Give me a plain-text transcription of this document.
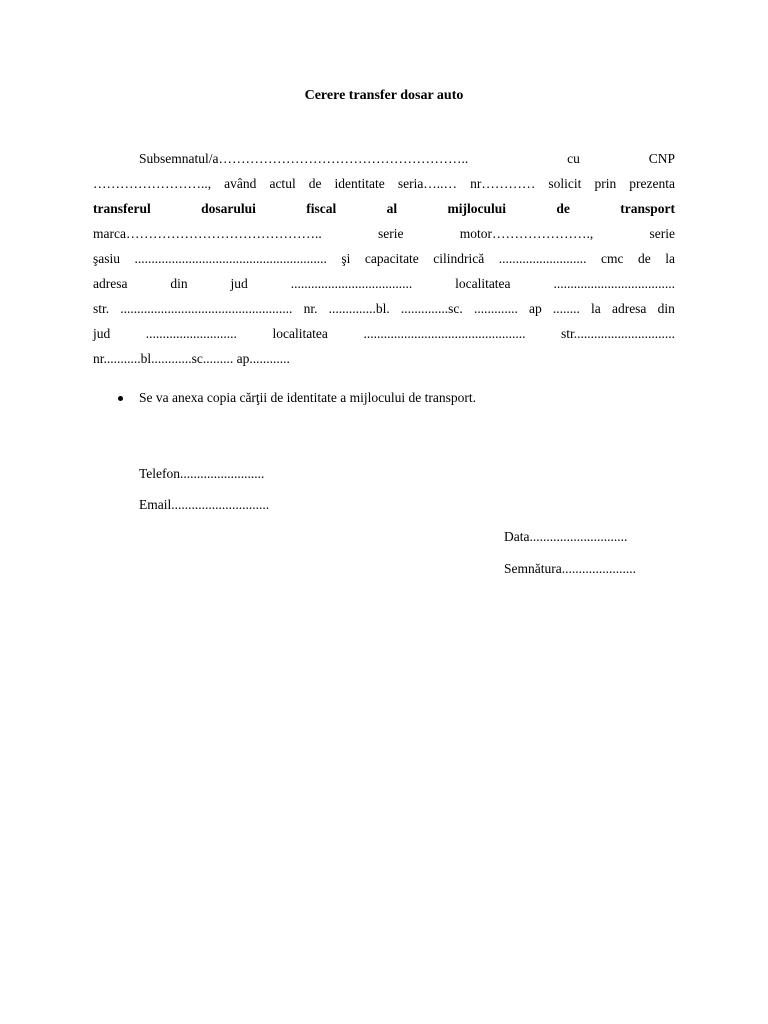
Cerere transfer dosar auto
Subsemnatul/a………………………………………………..	cu	CNP
…………………….., având actul de identitate seria…..… nr………… solicit prin prezenta
transferul	dosarului	fiscal	al	mijlocului	de	transport
marca……………………………………..	serie	motor………………….,	serie
şasiu ......................................................... şi capacitate cilindrică .......................... cmc de la
adresa	din	jud	....................................	localitatea	....................................
str. ................................................... nr. ..............bl. ..............sc. ............. ap ........ la adresa din
jud	...........................	localitatea	................................................	str..............................
nr...........bl............sc......... ap............
Se va anexa copia cărţii de identitate a mijlocului de transport.
Telefon.........................
Email.............................
Data.............................
Semnătura......................
